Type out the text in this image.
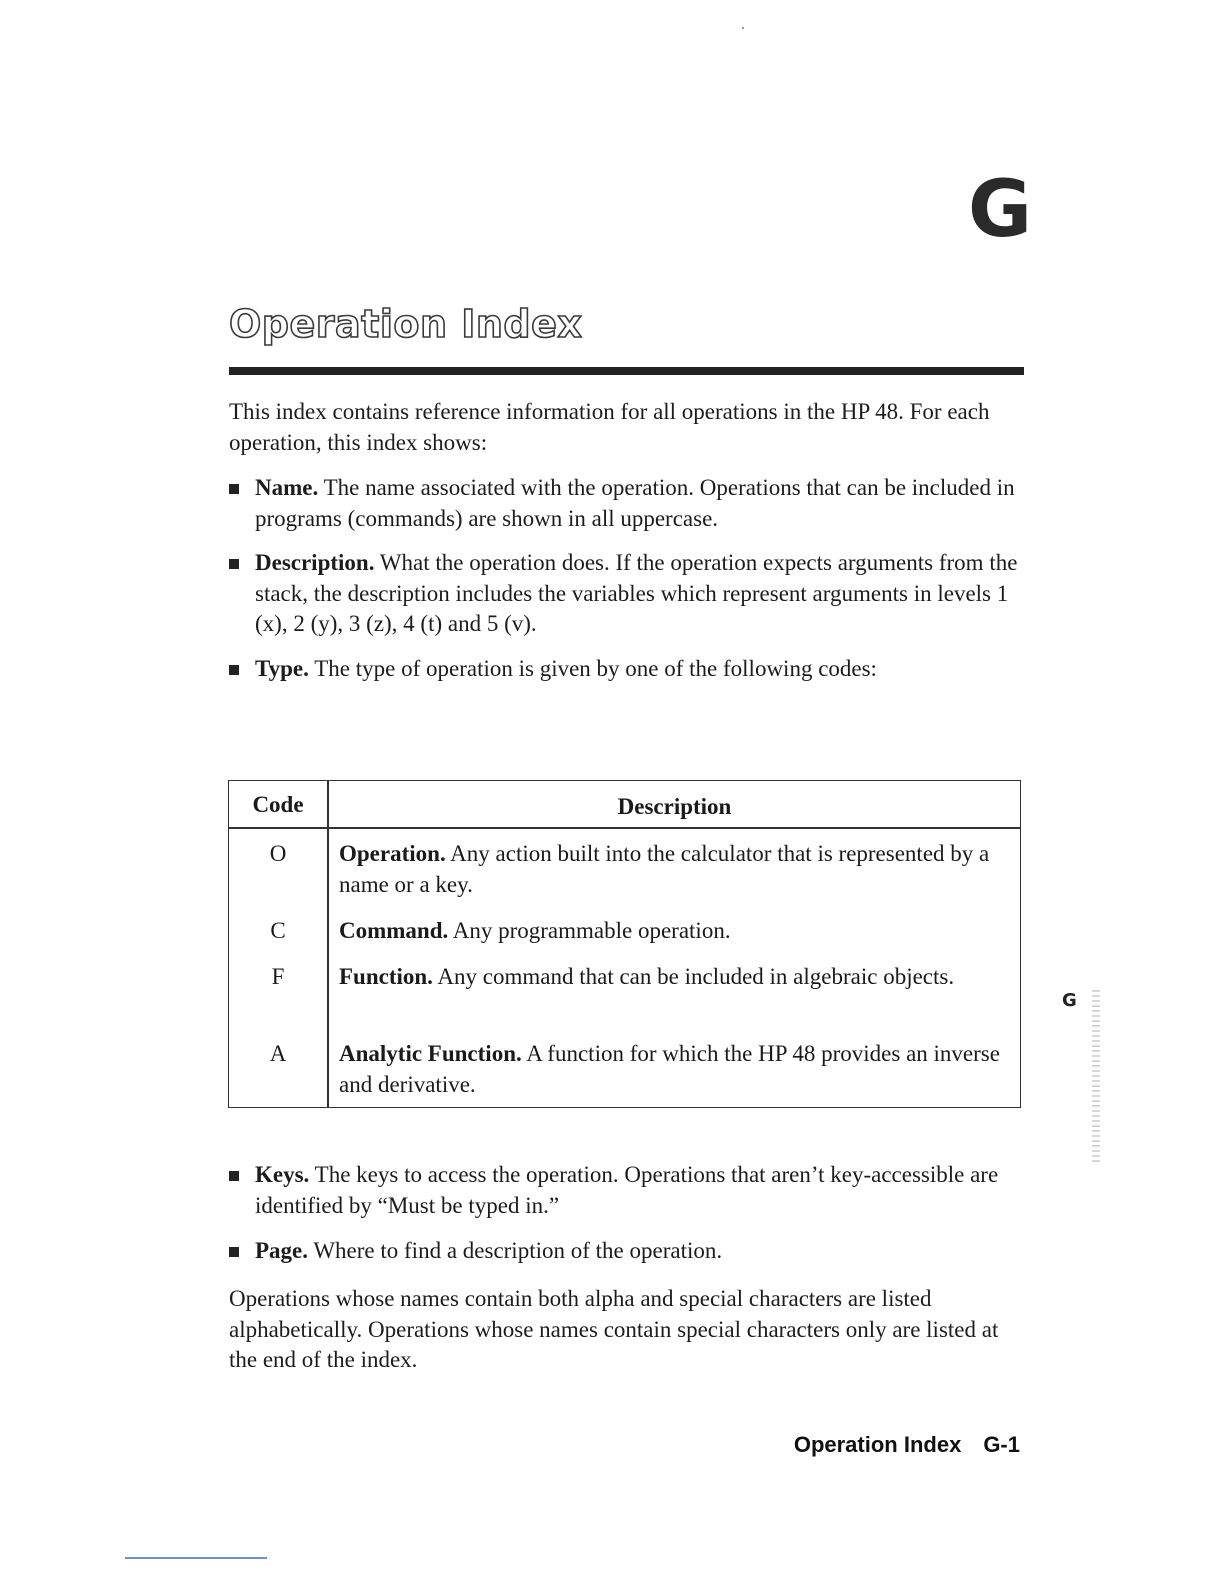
G
Operation Index

This index contains reference information for all operations in the HP 48. For each operation, this index shows:

Name. The name associated with the operation. Operations that can be included in programs (commands) are shown in all uppercase.
Description. What the operation does. If the operation expects arguments from the stack, the description includes the variables which represent arguments in levels 1 (x), 2 (y), 3 (z), 4 (t) and 5 (v).
Type. The type of operation is given by one of the following codes:
Code	Description
O	Operation. Any action built into the calculator that is represented by a name or a key.
C	Command. Any programmable operation.
F	Function. Any command that can be included in algebraic objects.
A	Analytic Function. A function for which the HP 48 provides an inverse and derivative.
Keys. The keys to access the operation. Operations that aren’t key-accessible are identified by “Must be typed in.”
Page. Where to find a description of the operation.

Operations whose names contain both alpha and special characters are listed alphabetically. Operations whose names contain special characters only are listed at the end of the index.

G
Operation Index G-1
